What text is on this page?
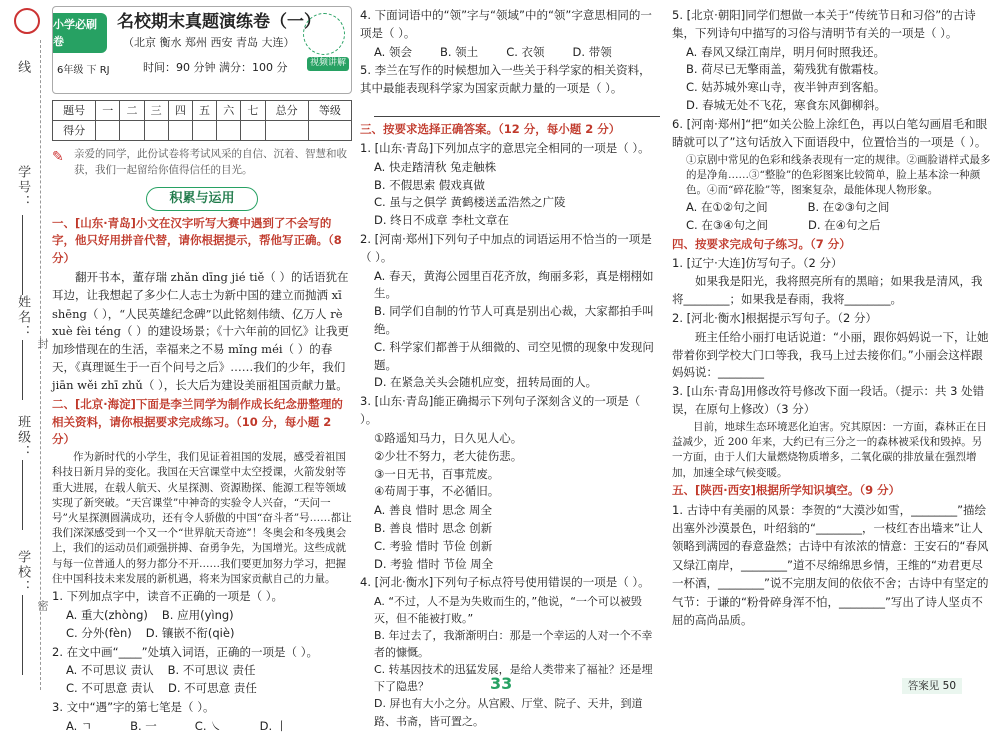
线
学号：
姓名：
封
班级：
学校：
密
小学必刷卷
6年级 下 RJ
名校期末真题演练卷（一）
（北京 衡水 郑州 西安 青岛 大连）
时间：90 分钟 满分：100 分	视频讲解
题号	一	二	三	四	五	六	七	总分	等级
得分									
✎ 亲爱的同学，此份试卷将考试风采的自信、沉着、智慧和收获，我们一起留给你值得信任的目光。
积累与运用

一、[山东·青岛]小文在汉字听写大赛中遇到了不会写的字，他只好用拼音代替，请你根据提示，帮他写正确。（8 分）

翻开书本，董存瑞 zhǎn dīng jié tiě（ ）的话语犹在耳边，让我想起了多少仁人志士为新中国的建立而抛洒 xī

shēng（ ），“人民英雄纪念碑”以此铭刻伟绩、亿万人 rè xuè fèi téng（ ）的建设场景；《十六年前的回忆》让我更加珍惜现在的生活，幸福来之不易 mǐng méi（ ）的春天，《真理诞生于一百个问号之后》……我们的少年，我们 jiān wěi zhī zhǔ（ ），长大后为建设美丽祖国贡献力量。

二、[北京·海淀]下面是李兰同学为制作成长纪念册整理的相关资料，请你根据要求完成练习。（10 分，每小题 2 分）

作为新时代的小学生，我们见证着祖国的发展，感受着祖国科技日新月异的变化。我国在天宫课堂中太空授课，火箭发射等重大进展，在载人航天、火星探测、资源勘探、能源工程等领域实现了新突破。“天宫课堂”中神奇的实验令人兴奋，“天问一号”火星探测圆满成功，还有令人骄傲的中国“奋斗者”号……都让我们深深感受到一个又一个“世界航天奇迹”！冬奥会和冬残奥会上，我们的运动员们顽强拼搏、奋勇争先，为国增光。这些成就与每一位普通人的努力都分不开……我们要更加努力学习，把握住中国科技未来发展的新机遇，将来为国家贡献自己的力量。

1. 下列加点字中，读音不正确的一项是（ ）。

A. 重大(zhòng) B. 应用(yìng)
C. 分外(fèn) D. 镶嵌不衔(qiè)

2. 在文中画“____”处填入词语，正确的一项是（ ）。

A. 不可思议 责认 B. 不可思议 责任
C. 不可思意 责认 D. 不可思意 责任

3. 文中“遇”字的第七笔是（ ）。

A. ㄱ	B. 一	C. ㇏	D. 丨

4. 下面词语中的“领”字与“领域”中的“领”字意思相同的一项是（ ）。

A. 领会 B. 领土 C. 衣领 D. 带领

5. 李兰在写作的时候想加入一些关于科学家的相关资料，其中最能表现科学家为国家贡献力量的一项是（ ）。

三、按要求选择正确答案。（12 分，每小题 2 分）

1. [山东·青岛]下列加点字的意思完全相同的一项是（ ）。

A. 快走踏清秋 兔走触株
B. 不假思索 假戏真做
C. 虽与之俱学 黄鹤楼送孟浩然之广陵
D. 终日不成章 李杜文章在

2. [河南·郑州]下列句子中加点的词语运用不恰当的一项是（ ）。

A. 春天，黄海公园里百花齐放，绚丽多彩，真是栩栩如生。
B. 同学们自制的竹节人可真是别出心裁，大家都拍手叫绝。
C. 科学家们都善于从细微的、司空见惯的现象中发现问题。
D. 在紧急关头会随机应变，扭转局面的人。

3. [山东·青岛]能正确揭示下列句子深刻含义的一项是（ ）。

①路遥知马力，日久见人心。
②少壮不努力，老大徒伤悲。
③一日无书，百事荒废。
④苟周于事，不必循旧。

A. 善良 惜时 思念 周全
B. 善良 惜时 思念 创新
C. 考验 惜时 节俭 创新
D. 考验 惜时 节俭 周全

4. [河北·衡水]下列句子标点符号使用错误的一项是（ ）。

A. “不过，人不是为失败而生的，”他说，“一个可以被毁灭，但不能被打败。”
B. 年过去了，我渐渐明白：那是一个幸运的人对一个不幸者的慷慨。
C. 转基因技术的迅猛发展，是给人类带来了福祉？还是埋下了隐患？
D. 屏也有大小之分。从宫殿、厅堂、院子、天井，到道路、书斋，皆可置之。

5. [北京·朝阳]同学们想做一本关于“传统节日和习俗”的古诗集，下列诗句中描写的习俗与清明节有关的一项是（ ）。

A. 春风又绿江南岸，明月何时照我还。
B. 荷尽已无擎雨盖，菊残犹有傲霜枝。
C. 姑苏城外寒山寺，夜半钟声到客船。
D. 春城无处不飞花，寒食东风御柳斜。

6. [河南·郑州]“把“如关公脸上涂红色，再以白笔勾画眉毛和眼睛就可以了”这句话放入下面语段中，位置恰当的一项是（ ）。

①京剧中常见的色彩和线条表现有一定的规律。②画脸谱样式最多的是净角……③“整脸”的色彩图案比较简单，脸上基本涂一种颜色。④而“碎花脸”等，图案复杂，最能体现人物形象。

A. 在①②句之间	B. 在②③句之间
C. 在③④句之间	D. 在④句之后

四、按要求完成句子练习。（7 分）

1. [辽宁·大连]仿写句子。（2 分）

如果我是阳光，我将照亮所有的黑暗；如果我是清风，我将________；如果我是春雨，我将________。

2. [河北·衡水]根据提示写句子。（2 分）

班主任给小丽打电话说道：“小丽，跟你妈妈说一下，让她带着你到学校大门口等我，我马上过去接你们。”小丽会这样跟妈妈说：________

3. [山东·青岛]用修改符号修改下面一段话。（提示：共 3 处错误，在原句上修改）（3 分）

目前，地球生态环境恶化迫害。究其原因：一方面，森林正在日益减少，近 200 年来，大约已有三分之一的森林被采伐和毁掉。另一方面，由于人们大量燃烧物质增多，二氧化碳的排放量在强烈增加，加速全球气候变暖。

五、[陕西·西安]根据所学知识填空。（9 分）

1. 古诗中有美丽的风景：李贺的“大漠沙如雪，________”描绘出塞外沙漠景色，叶绍翁的“________，一枝红杏出墙来”让人领略到满园的春意盎然；古诗中有浓浓的情意：王安石的“春风又绿江南岸，________”道不尽绵绵思乡情，王维的“劝君更尽一杯酒，________”说不完朋友间的依依不舍；古诗中有坚定的气节：于谦的“粉骨碎身浑不怕，________”写出了诗人坚贞不屈的高尚品质。

33	答案见 50
